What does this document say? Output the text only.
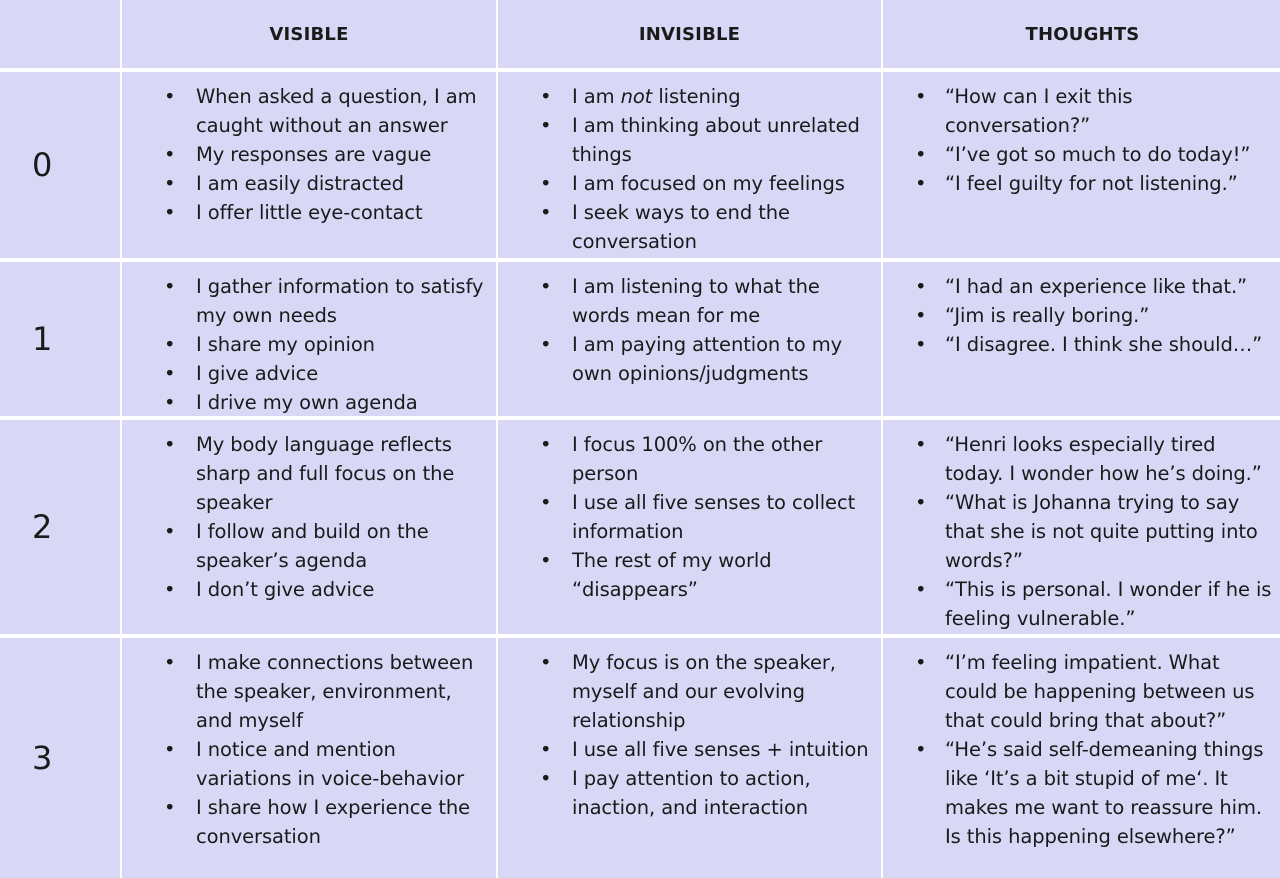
VISIBLE	INVISIBLE	THOUGHTS
0
• When asked a question, I am caught without an answer
• My responses are vague
• I am easily distracted
• I offer little eye-contact
• I am not listening
• I am thinking about unrelated things
• I am focused on my feelings
• I seek ways to end the conversation
• “How can I exit this conversation?”
• “I’ve got so much to do today!”
• “I feel guilty for not listening.”
1
• I gather information to satisfy my own needs
• I share my opinion
• I give advice
• I drive my own agenda
• I am listening to what the words mean for me
• I am paying attention to my own opinions/judgments
• “I had an experience like that.”
• “Jim is really boring.”
• “I disagree. I think she should…”
2
• My body language reflects sharp and full focus on the speaker
• I follow and build on the speaker’s agenda
• I don’t give advice
• I focus 100% on the other person
• I use all five senses to collect information
• The rest of my world “disappears”
• “Henri looks especially tired today. I wonder how he’s doing.”
• “What is Johanna trying to say that she is not quite putting into words?”
• “This is personal. I wonder if he is feeling vulnerable.”
3
• I make connections between the speaker, environment, and myself
• I notice and mention variations in voice-behavior
• I share how I experience the conversation
• My focus is on the speaker, myself and our evolving relationship
• I use all five senses + intuition
• I pay attention to action, inaction, and interaction
• “I’m feeling impatient. What could be happening between us that could bring that about?”
• “He’s said self-demeaning things like ‘It’s a bit stupid of me‘. It makes me want to reassure him. Is this happening elsewhere?”
